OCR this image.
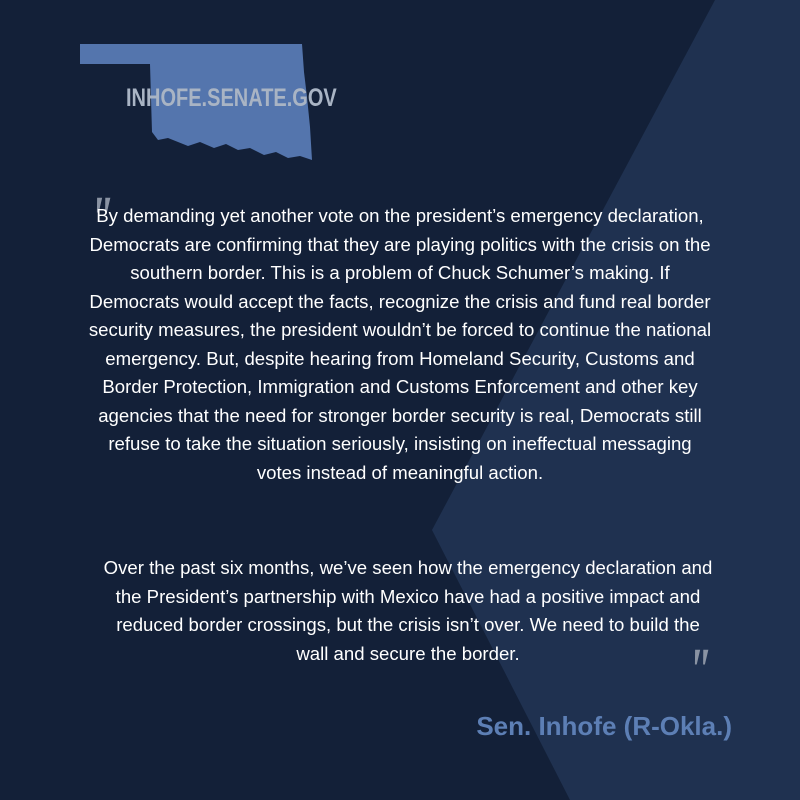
INHOFE.SENATE.GOV
"
By demanding yet another vote on the president’s emergency declaration, Democrats are confirming that they are playing politics with the crisis on the southern border. This is a problem of Chuck Schumer’s making. If Democrats would accept the facts, recognize the crisis and fund real border security measures, the president wouldn’t be forced to continue the national emergency. But, despite hearing from Homeland Security, Customs and Border Protection, Immigration and Customs Enforcement and other key agencies that the need for stronger border security is real, Democrats still refuse to take the situation seriously, insisting on ineffectual messaging votes instead of meaningful action.
Over the past six months, we’ve seen how the emergency declaration and the President’s partnership with Mexico have had a positive impact and reduced border crossings, but the crisis isn’t over. We need to build the wall and secure the border.	"
Sen. Inhofe (R-Okla.)
